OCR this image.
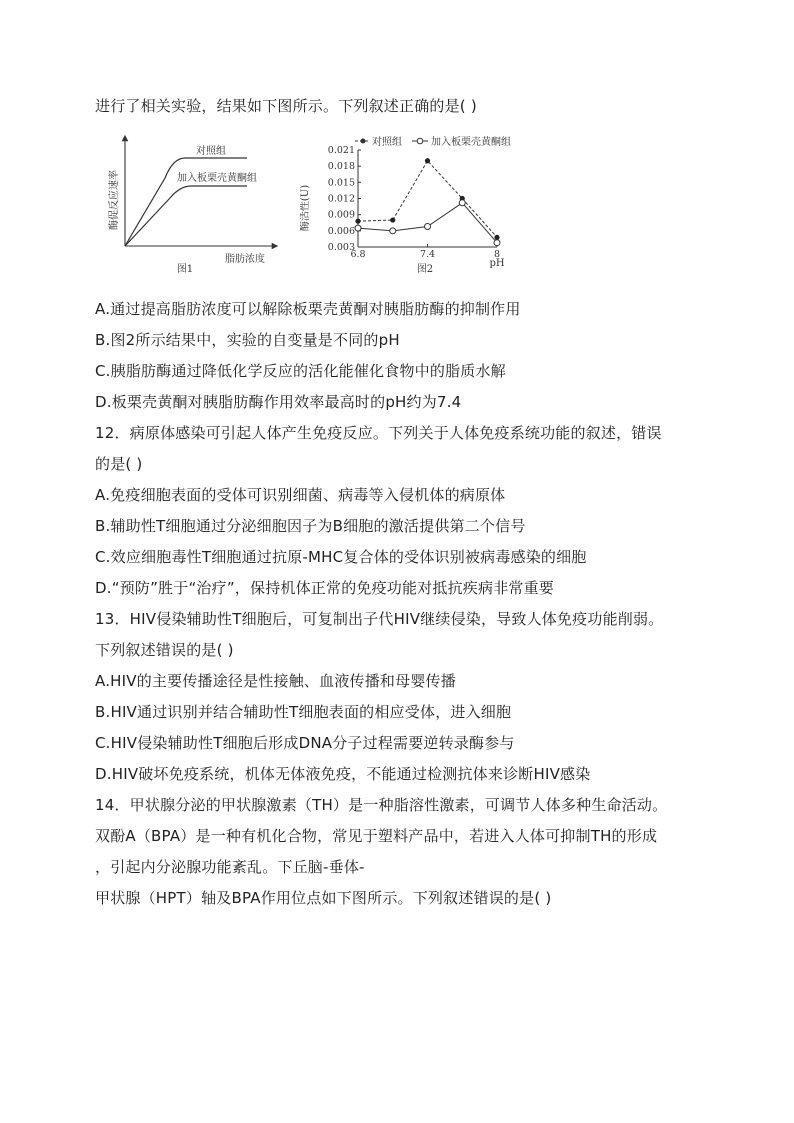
进行了相关实验，结果如下图所示。下列叙述正确的是( )
酶促反应速率
对照组
加入板栗壳黄酮组
脂肪浓度
图1
酶活性(U)
pH
图2
对照组	加入板栗壳黄酮组
0.003
0.006
0.009
0.012
0.015
0.018
0.021
6.8	7.4	8
A.通过提高脂肪浓度可以解除板栗壳黄酮对胰脂肪酶的抑制作用
B.图2所示结果中，实验的自变量是不同的pH
C.胰脂肪酶通过降低化学反应的活化能催化食物中的脂质水解
D.板栗壳黄酮对胰脂肪酶作用效率最高时的pH约为7.4
12．病原体感染可引起人体产生免疫反应。下列关于人体免疫系统功能的叙述，错误
的是( )
A.免疫细胞表面的受体可识别细菌、病毒等入侵机体的病原体
B.辅助性T细胞通过分泌细胞因子为B细胞的激活提供第二个信号
C.效应细胞毒性T细胞通过抗原-MHC复合体的受体识别被病毒感染的细胞
D.“预防”胜于“治疗”，保持机体正常的免疫功能对抵抗疾病非常重要
13．HIV侵染辅助性T细胞后，可复制出子代HIV继续侵染，导致人体免疫功能削弱。
下列叙述错误的是( )
A.HIV的主要传播途径是性接触、血液传播和母婴传播
B.HIV通过识别并结合辅助性T细胞表面的相应受体，进入细胞
C.HIV侵染辅助性T细胞后形成DNA分子过程需要逆转录酶参与
D.HIV破坏免疫系统，机体无体液免疫，不能通过检测抗体来诊断HIV感染
14．甲状腺分泌的甲状腺激素（TH）是一种脂溶性激素，可调节人体多种生命活动。
双酚A（BPA）是一种有机化合物，常见于塑料产品中，若进入人体可抑制TH的形成
，引起内分泌腺功能紊乱。下丘脑-垂体-
甲状腺（HPT）轴及BPA作用位点如下图所示。下列叙述错误的是( )
